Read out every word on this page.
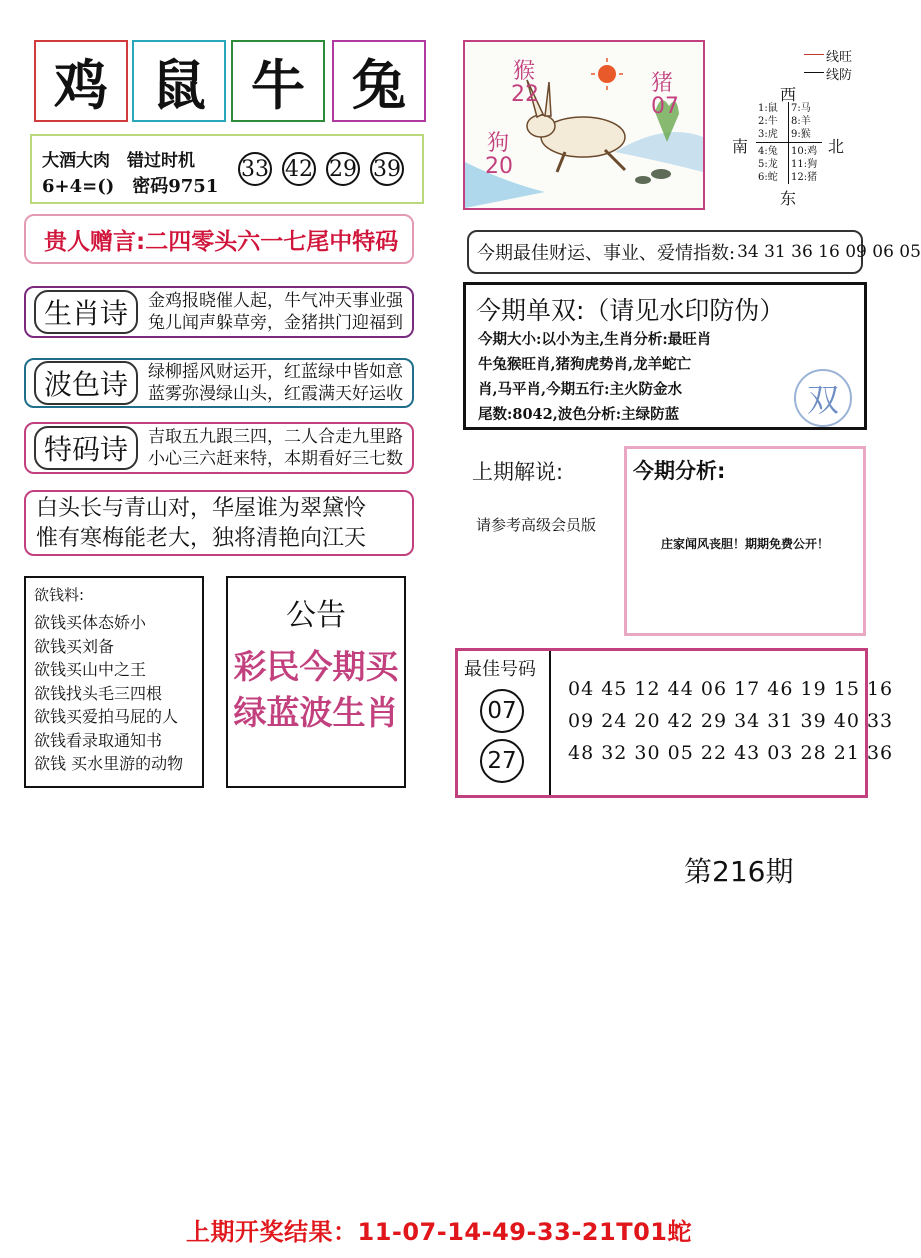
鸡 鼠 牛 兔
大酒大肉　错过时机
6+4=()　密码9751
33 42 29 39
贵人赠言:二四零头六一七尾中特码
生肖诗	金鸡报晓催人起，牛气冲天事业强
兔儿闻声躲草旁，金猪拱门迎福到
波色诗	绿柳摇风财运开，红蓝绿中皆如意
蓝雾弥漫绿山头，红霞满天好运收
特码诗	吉取五九跟三四，二人合走九里路
小心三六赶来特，本期看好三七数
白头长与青山对，华屋谁为翠黛怜
惟有寒梅能老大，独将清艳向江天
欲钱料:
欲钱买体态娇小
欲钱买刘备
欲钱买山中之王
欲钱找头毛三四根
欲钱买爱拍马屁的人
欲钱看录取通知书
欲钱 买水里游的动物
公告
彩民今期买
绿蓝波生肖
猴
22	猪
07
狗
20
线旺
线防
西
南	北
东
1:鼠
2:牛
3:虎
7:马
8:羊
9:猴
4:兔
5:龙
6:蛇
10:鸡
11:狗
12:猪
今期最佳财运、事业、爱情指数: 34 31 36 16 09 06 05
今期单双:（请见水印防伪）
今期大小:以小为主,生肖分析:最旺肖
牛兔猴旺肖,猪狗虎势肖,龙羊蛇亡
肖,马平肖,今期五行:主火防金水
尾数:8042,波色分析:主绿防蓝	双
上期解说:
请参考高级会员版
今期分析:
庄家闻风丧胆！期期免费公开！
最佳号码
07
27
04 45 12 44 06 17 46 19 15 16
09 24 20 42 29 34 31 39 40 33
48 32 30 05 22 43 03 28 21 36
第216期
上期开奖结果：11-07-14-49-33-21T01蛇
